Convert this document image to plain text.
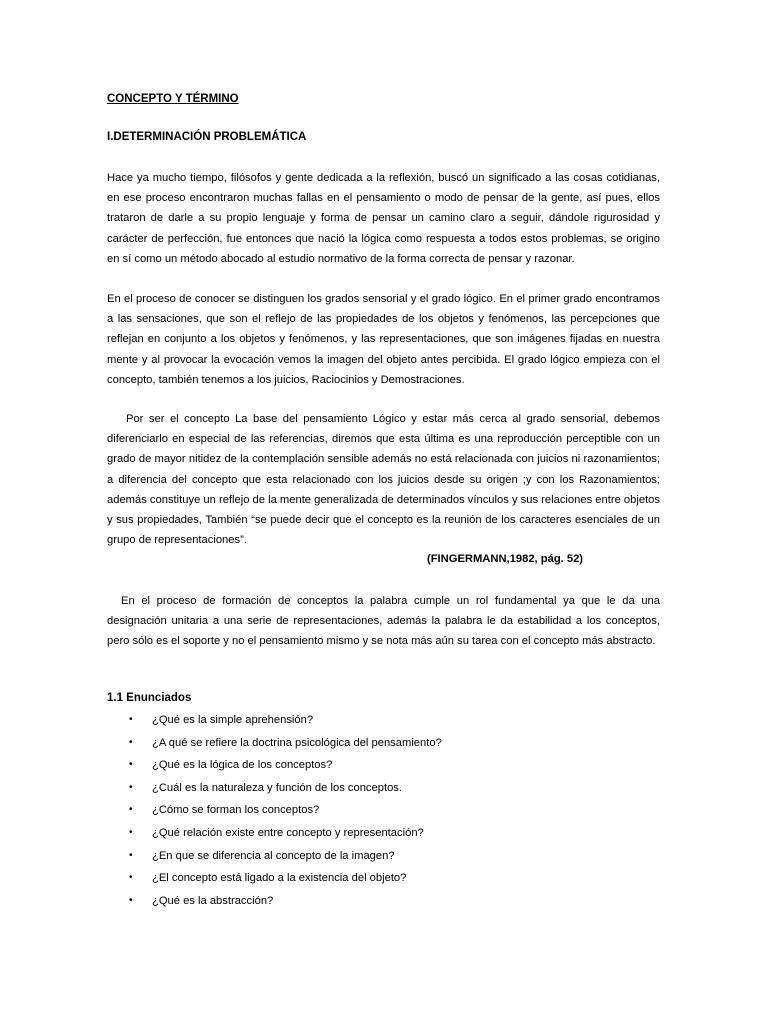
CONCEPTO Y TÉRMINO
I.DETERMINACIÓN PROBLEMÁTICA

Hace ya mucho tiempo, filósofos y gente dedicada a la reflexión, buscó un significado a las cosas cotidianas, en ese proceso encontraron muchas fallas en el pensamiento o modo de pensar de la gente, así pues, ellos trataron de darle a su propio lenguaje y forma de pensar un camino claro a seguir, dándole rigurosidad y carácter de perfección, fue entonces que nació la lógica como respuesta a todos estos problemas, se origino en sí como un método abocado al estudio normativo de la forma correcta de pensar y razonar.

En el proceso de conocer se distinguen los grados sensorial y el grado lógico. En el primer grado encontramos a las sensaciones, que son el reflejo de las propiedades de los objetos y fenómenos, las percepciones que reflejan en conjunto a los objetos y fenómenos, y las representaciones, que son imágenes fijadas en nuestra mente y al provocar la evocación vemos la imagen del objeto antes percibida. El grado lógico empieza con el concepto, también tenemos a los juicios, Raciocinios y Demostraciones.

Por ser el concepto La base del pensamiento Lógico y estar más cerca al grado sensorial, debemos diferenciarlo en especial de las referencias, diremos que esta última es una reproducción perceptible con un grado de mayor nitidez de la contemplación sensible además no está relacionada con juicios ni razonamientos; a diferencia del concepto que esta relacionado con los juicios desde su origen ;y con los Razonamientos; además constituye un reflejo de la mente generalizada de determinados vínculos y sus relaciones entre objetos y sus propiedades, También “se puede decir que el concepto es la reunión de los caracteres esenciales de un grupo de representaciones”.

(FINGERMANN,1982, pág. 52)

En el proceso de formación de conceptos la palabra cumple un rol fundamental ya que le da una designación unitaria a una serie de representaciones, además la palabra le da estabilidad a los conceptos, pero sólo es el soporte y no el pensamiento mismo y se nota más aún su tarea con el concepto más abstracto.

1.1 Enunciados
• ¿Qué es la simple aprehensión?
• ¿A qué se refiere la doctrina psicológica del pensamiento?
• ¿Qué es la lógica de los conceptos?
• ¿Cuál es la naturaleza y función de los conceptos.
• ¿Cómo se forman los conceptos?
• ¿Qué relación existe entre concepto y representación?
• ¿En que se diferencia al concepto de la imagen?
• ¿El concepto está ligado a la existencia del objeto?
• ¿Qué es la abstracción?
